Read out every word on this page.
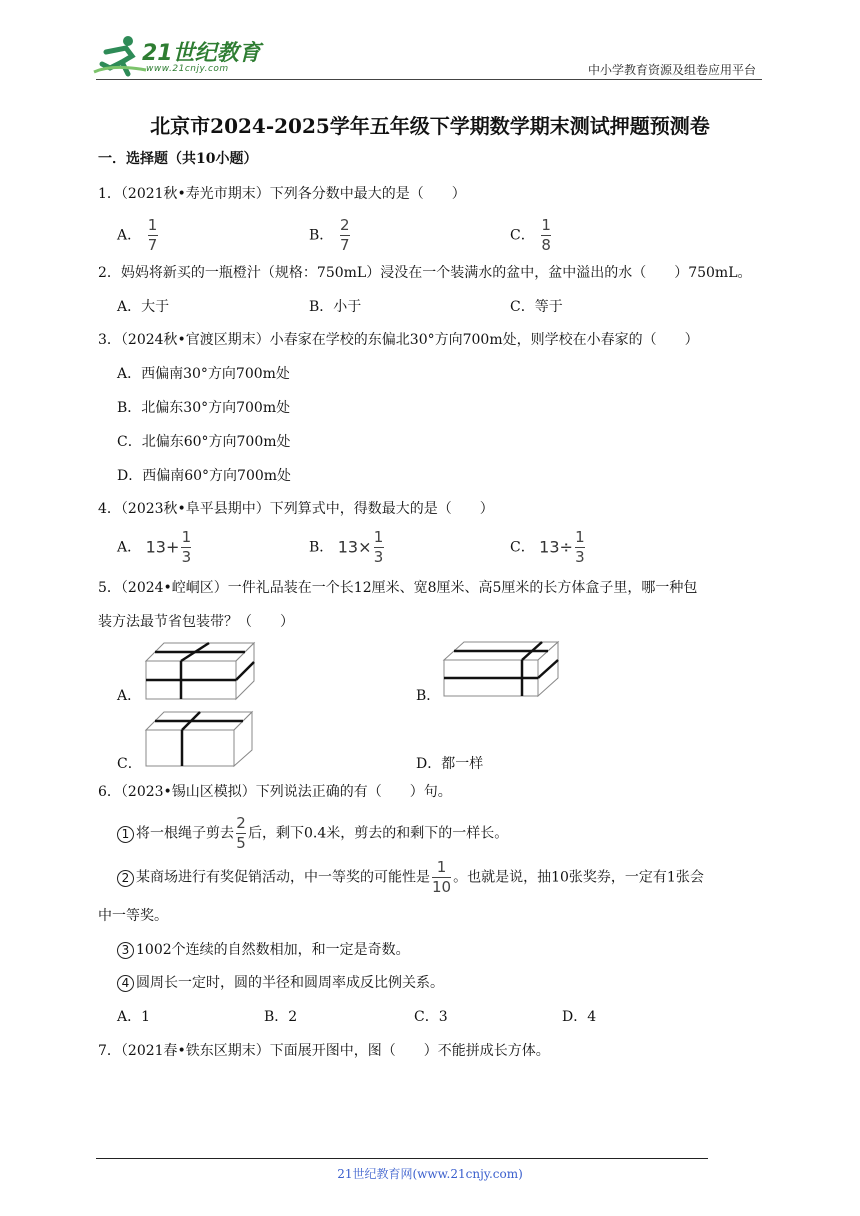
21世纪教育
www.21cnjy.com	中小学教育资源及组卷应用平台
北京市2024-2025学年五年级下学期数学期末测试押题预测卷
一．选择题（共10小题）
1．（2021秋•寿光市期末）下列各分数中最大的是（　　）
A． $\frac{1}{7}$	B． $\frac{2}{7}$	C． $\frac{1}{8}$
2．妈妈将新买的一瓶橙汁（规格：750mL）浸没在一个装满水的盆中，盆中溢出的水（　　）750mL。
A．大于	B．小于	C．等于
3．（2024秋•官渡区期末）小春家在学校的东偏北30°方向700m处，则学校在小春家的（　　）
A．西偏南30°方向700m处
B．北偏东30°方向700m处
C．北偏东60°方向700m处
D．西偏南60°方向700m处
4．（2023秋•阜平县期中）下列算式中，得数最大的是（　　）
A． $13+ \frac{1}{3}$	B． $13\times \frac{1}{3}$	C． $13\div \frac{1}{3}$
5．（2024•崆峒区）一件礼品装在一个长12厘米、宽8厘米、高5厘米的长方体盒子里，哪一种包
装方法最节省包装带？（　　）
A．	B．
C．	D．都一样
6．（2023•锡山区模拟）下列说法正确的有（　　）句。
1 将一根绳子剪去 $\frac{2}{5}$ 后，剩下0.4米，剪去的和剩下的一样长。
2 某商场进行有奖促销活动，中一等奖的可能性是 $\frac{1}{10}$ 。也就是说，抽10张奖券，一定有1张会
中一等奖。
3 1002个连续的自然数相加，和一定是奇数。
4 圆周长一定时，圆的半径和圆周率成反比例关系。
A．1	B．2	C．3	D．4
7．（2021春•铁东区期末）下面展开图中，图（　　）不能拼成长方体。
21世纪教育网(www.21cnjy.com)
